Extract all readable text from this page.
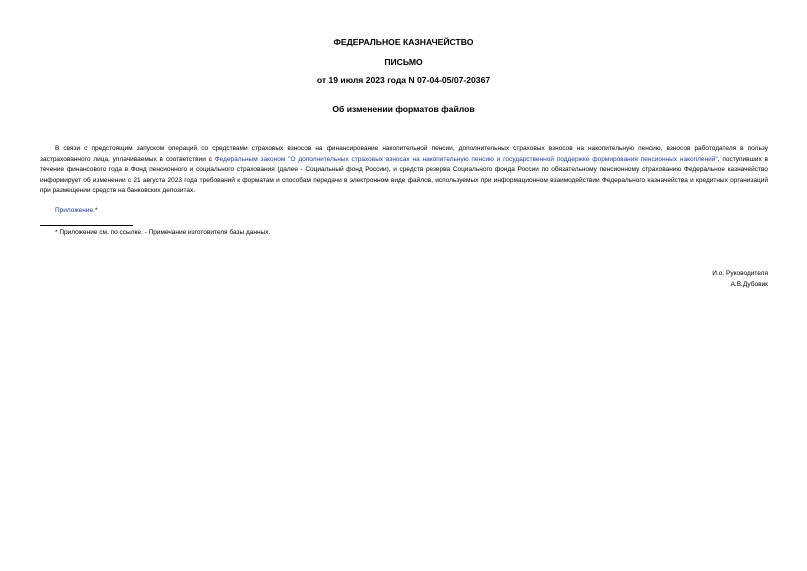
ФЕДЕРАЛЬНОЕ КАЗНАЧЕЙСТВО
ПИСЬМО
от 19 июля 2023 года N 07-04-05/07-20367
Об изменении форматов файлов

В связи с предстоящим запуском операций со средствами страховых взносов на финансирование накопительной пенсии, дополнительных страховых взносов на накопительную пенсию, взносов работодателя в пользу застрахованного лица, уплачиваемых в соответствии с Федеральным законом "О дополнительных страховых взносах на накопительную пенсию и государственной поддержке формирования пенсионных накоплений", поступивших в течение финансового года в Фонд пенсионного и социального страхования (далее - Социальный фонд России), и средств резерва Социального фонда России по обязательному пенсионному страхованию Федеральное казначейство информирует об изменении с 21 августа 2023 года требований к форматам и способам передачи в электронном виде файлов, используемых при информационном взаимодействии Федерального казначейства и кредитных организаций при размещении средств на банковских депозитах.

Приложение.*
* Приложение см. по ссылке. - Примечание изготовителя базы данных.
И.о. Руководителя
А.В.Дубовик
